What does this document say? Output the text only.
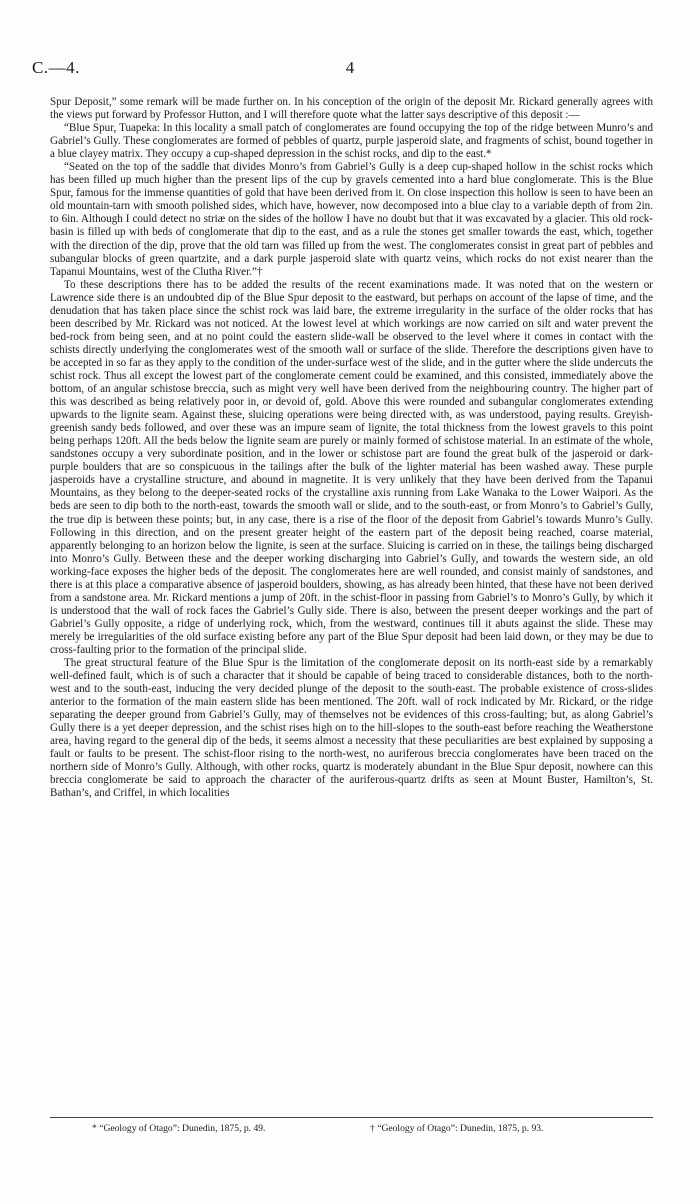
C.—4.	4

Spur Deposit,” some remark will be made further on. In his conception of the origin of the deposit Mr. Rickard generally agrees with the views put forward by Professor Hutton, and I will therefore quote what the latter says descriptive of this deposit :—

“Blue Spur, Tuapeka: In this locality a small patch of conglomerates are found occupying the top of the ridge between Munro’s and Gabriel’s Gully. These conglomerates are formed of pebbles of quartz, purple jasperoid slate, and fragments of schist, bound together in a blue clayey matrix. They occupy a cup-shaped depression in the schist rocks, and dip to the east.*

“Seated on the top of the saddle that divides Monro’s from Gabriel’s Gully is a deep cup-shaped hollow in the schist rocks which has been filled up much higher than the present lips of the cup by gravels cemented into a hard blue conglomerate. This is the Blue Spur, famous for the immense quantities of gold that have been derived from it. On close inspection this hollow is seen to have been an old mountain-tarn with smooth polished sides, which have, however, now decomposed into a blue clay to a variable depth of from 2in. to 6in. Although I could detect no striæ on the sides of the hollow I have no doubt but that it was excavated by a glacier. This old rock-basin is filled up with beds of conglomerate that dip to the east, and as a rule the stones get smaller towards the east, which, together with the direction of the dip, prove that the old tarn was filled up from the west. The conglomerates consist in great part of pebbles and subangular blocks of green quartzite, and a dark purple jasperoid slate with quartz veins, which rocks do not exist nearer than the Tapanui Mountains, west of the Clutha River.”†

To these descriptions there has to be added the results of the recent examinations made. It was noted that on the western or Lawrence side there is an undoubted dip of the Blue Spur deposit to the eastward, but perhaps on account of the lapse of time, and the denudation that has taken place since the schist rock was laid bare, the extreme irregularity in the surface of the older rocks that has been described by Mr. Rickard was not noticed. At the lowest level at which workings are now carried on silt and water prevent the bed-rock from being seen, and at no point could the eastern slide-wall be observed to the level where it comes in contact with the schists directly underlying the conglomerates west of the smooth wall or surface of the slide. Therefore the descriptions given have to be accepted in so far as they apply to the condition of the under-surface west of the slide, and in the gutter where the slide undercuts the schist rock. Thus all except the lowest part of the conglomerate cement could be examined, and this consisted, immediately above the bottom, of an angular schistose breccia, such as might very well have been derived from the neighbouring country. The higher part of this was described as being relatively poor in, or devoid of, gold. Above this were rounded and subangular conglomerates extending upwards to the lignite seam. Against these, sluicing operations were being directed with, as was understood, paying results. Greyish-greenish sandy beds followed, and over these was an impure seam of lignite, the total thickness from the lowest gravels to this point being perhaps 120ft. All the beds below the lignite seam are purely or mainly formed of schistose material. In an estimate of the whole, sandstones occupy a very subordinate position, and in the lower or schistose part are found the great bulk of the jasperoid or dark-purple boulders that are so conspicuous in the tailings after the bulk of the lighter material has been washed away. These purple jasperoids have a crystalline structure, and abound in magnetite. It is very unlikely that they have been derived from the Tapanui Mountains, as they belong to the deeper-seated rocks of the crystalline axis running from Lake Wanaka to the Lower Waipori. As the beds are seen to dip both to the north-east, towards the smooth wall or slide, and to the south-east, or from Monro’s to Gabriel’s Gully, the true dip is between these points; but, in any case, there is a rise of the floor of the deposit from Gabriel’s towards Munro’s Gully. Following in this direction, and on the present greater height of the eastern part of the deposit being reached, coarse material, apparently belonging to an horizon below the lignite, is seen at the surface. Sluicing is carried on in these, the tailings being discharged into Monro’s Gully. Between these and the deeper working discharging into Gabriel’s Gully, and towards the western side, an old working-face exposes the higher beds of the deposit. The conglomerates here are well rounded, and consist mainly of sandstones, and there is at this place a comparative absence of jasperoid boulders, showing, as has already been hinted, that these have not been derived from a sandstone area. Mr. Rickard mentions a jump of 20ft. in the schist-floor in passing from Gabriel’s to Monro’s Gully, by which it is understood that the wall of rock faces the Gabriel’s Gully side. There is also, between the present deeper workings and the part of Gabriel’s Gully opposite, a ridge of underlying rock, which, from the westward, continues till it abuts against the slide. These may merely be irregularities of the old surface existing before any part of the Blue Spur deposit had been laid down, or they may be due to cross-faulting prior to the formation of the principal slide.

The great structural feature of the Blue Spur is the limitation of the conglomerate deposit on its north-east side by a remarkably well-defined fault, which is of such a character that it should be capable of being traced to considerable distances, both to the north-west and to the south-east, inducing the very decided plunge of the deposit to the south-east. The probable existence of cross-slides anterior to the formation of the main eastern slide has been mentioned. The 20ft. wall of rock indicated by Mr. Rickard, or the ridge separating the deeper ground from Gabriel’s Gully, may of themselves not be evidences of this cross-faulting; but, as along Gabriel’s Gully there is a yet deeper depression, and the schist rises high on to the hill-slopes to the south-east before reaching the Weatherstone area, having regard to the general dip of the beds, it seems almost a necessity that these peculiarities are best explained by supposing a fault or faults to be present. The schist-floor rising to the north-west, no auriferous breccia conglomerates have been traced on the northern side of Monro’s Gully. Although, with other rocks, quartz is moderately abundant in the Blue Spur deposit, nowhere can this breccia conglomerate be said to approach the character of the auriferous-quartz drifts as seen at Mount Buster, Hamilton’s, St. Bathan’s, and Criffel, in which localities

* “Geology of Otago”: Dunedin, 1875, p. 49.	† “Geology of Otago”: Dunedin, 1875, p. 93.
